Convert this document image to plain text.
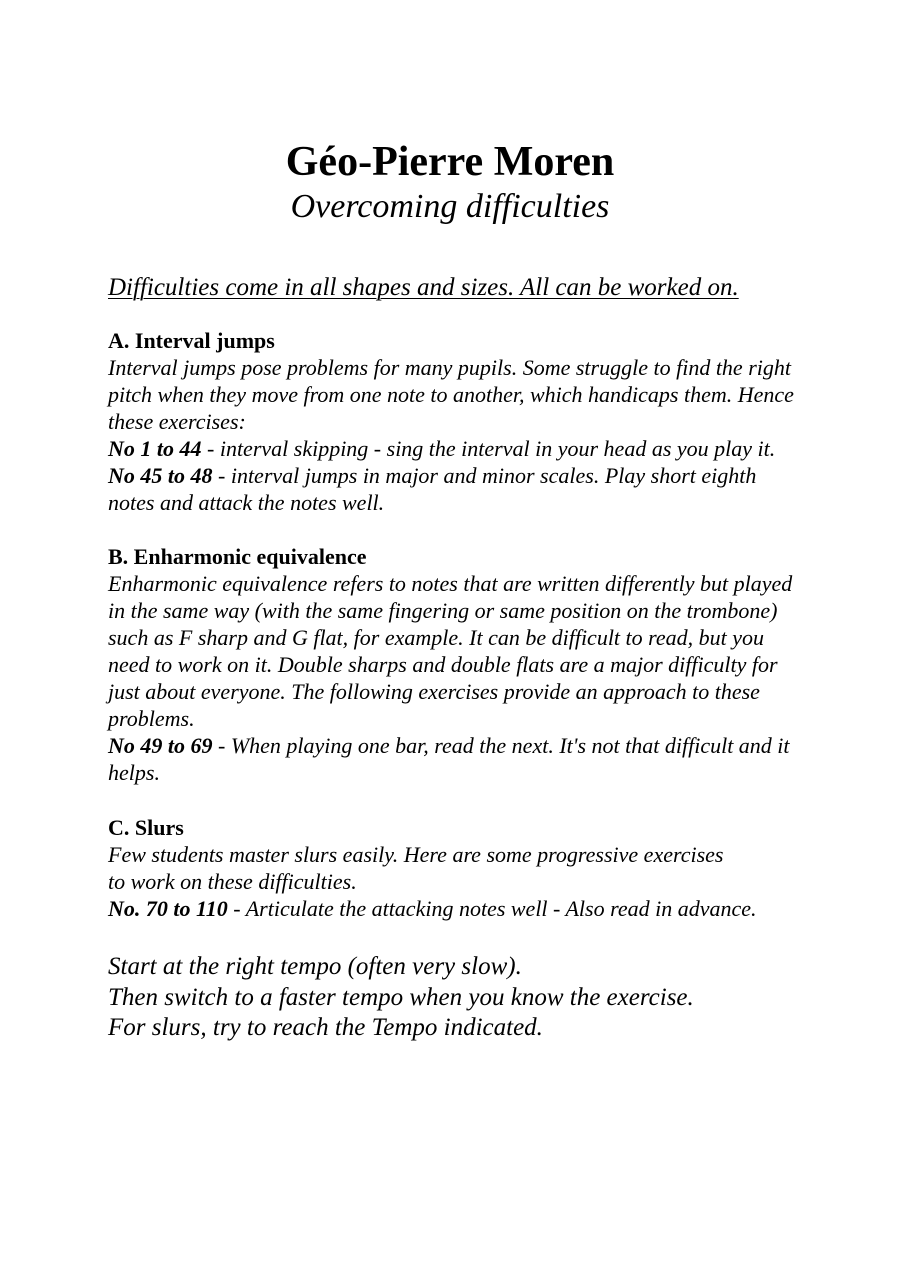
Géo-Pierre Moren
Overcoming difficulties
Difficulties come in all shapes and sizes. All can be worked on.
A. Interval jumps
Interval jumps pose problems for many pupils. Some struggle to find the right
pitch when they move from one note to another, which handicaps them. Hence
these exercises:
No 1 to 44 - interval skipping - sing the interval in your head as you play it.
No 45 to 48 - interval jumps in major and minor scales. Play short eighth
notes and attack the notes well.
B. Enharmonic equivalence
Enharmonic equivalence refers to notes that are written differently but played
in the same way (with the same fingering or same position on the trombone)
such as F sharp and G flat, for example. It can be difficult to read, but you
need to work on it. Double sharps and double flats are a major difficulty for
just about everyone. The following exercises provide an approach to these
problems.
No 49 to 69 - When playing one bar, read the next. It's not that difficult and it
helps.
C. Slurs
Few students master slurs easily. Here are some progressive exercises
to work on these difficulties.
No. 70 to 110 - Articulate the attacking notes well - Also read in advance.
Start at the right tempo (often very slow).
Then switch to a faster tempo when you know the exercise.
For slurs, try to reach the Tempo indicated.
